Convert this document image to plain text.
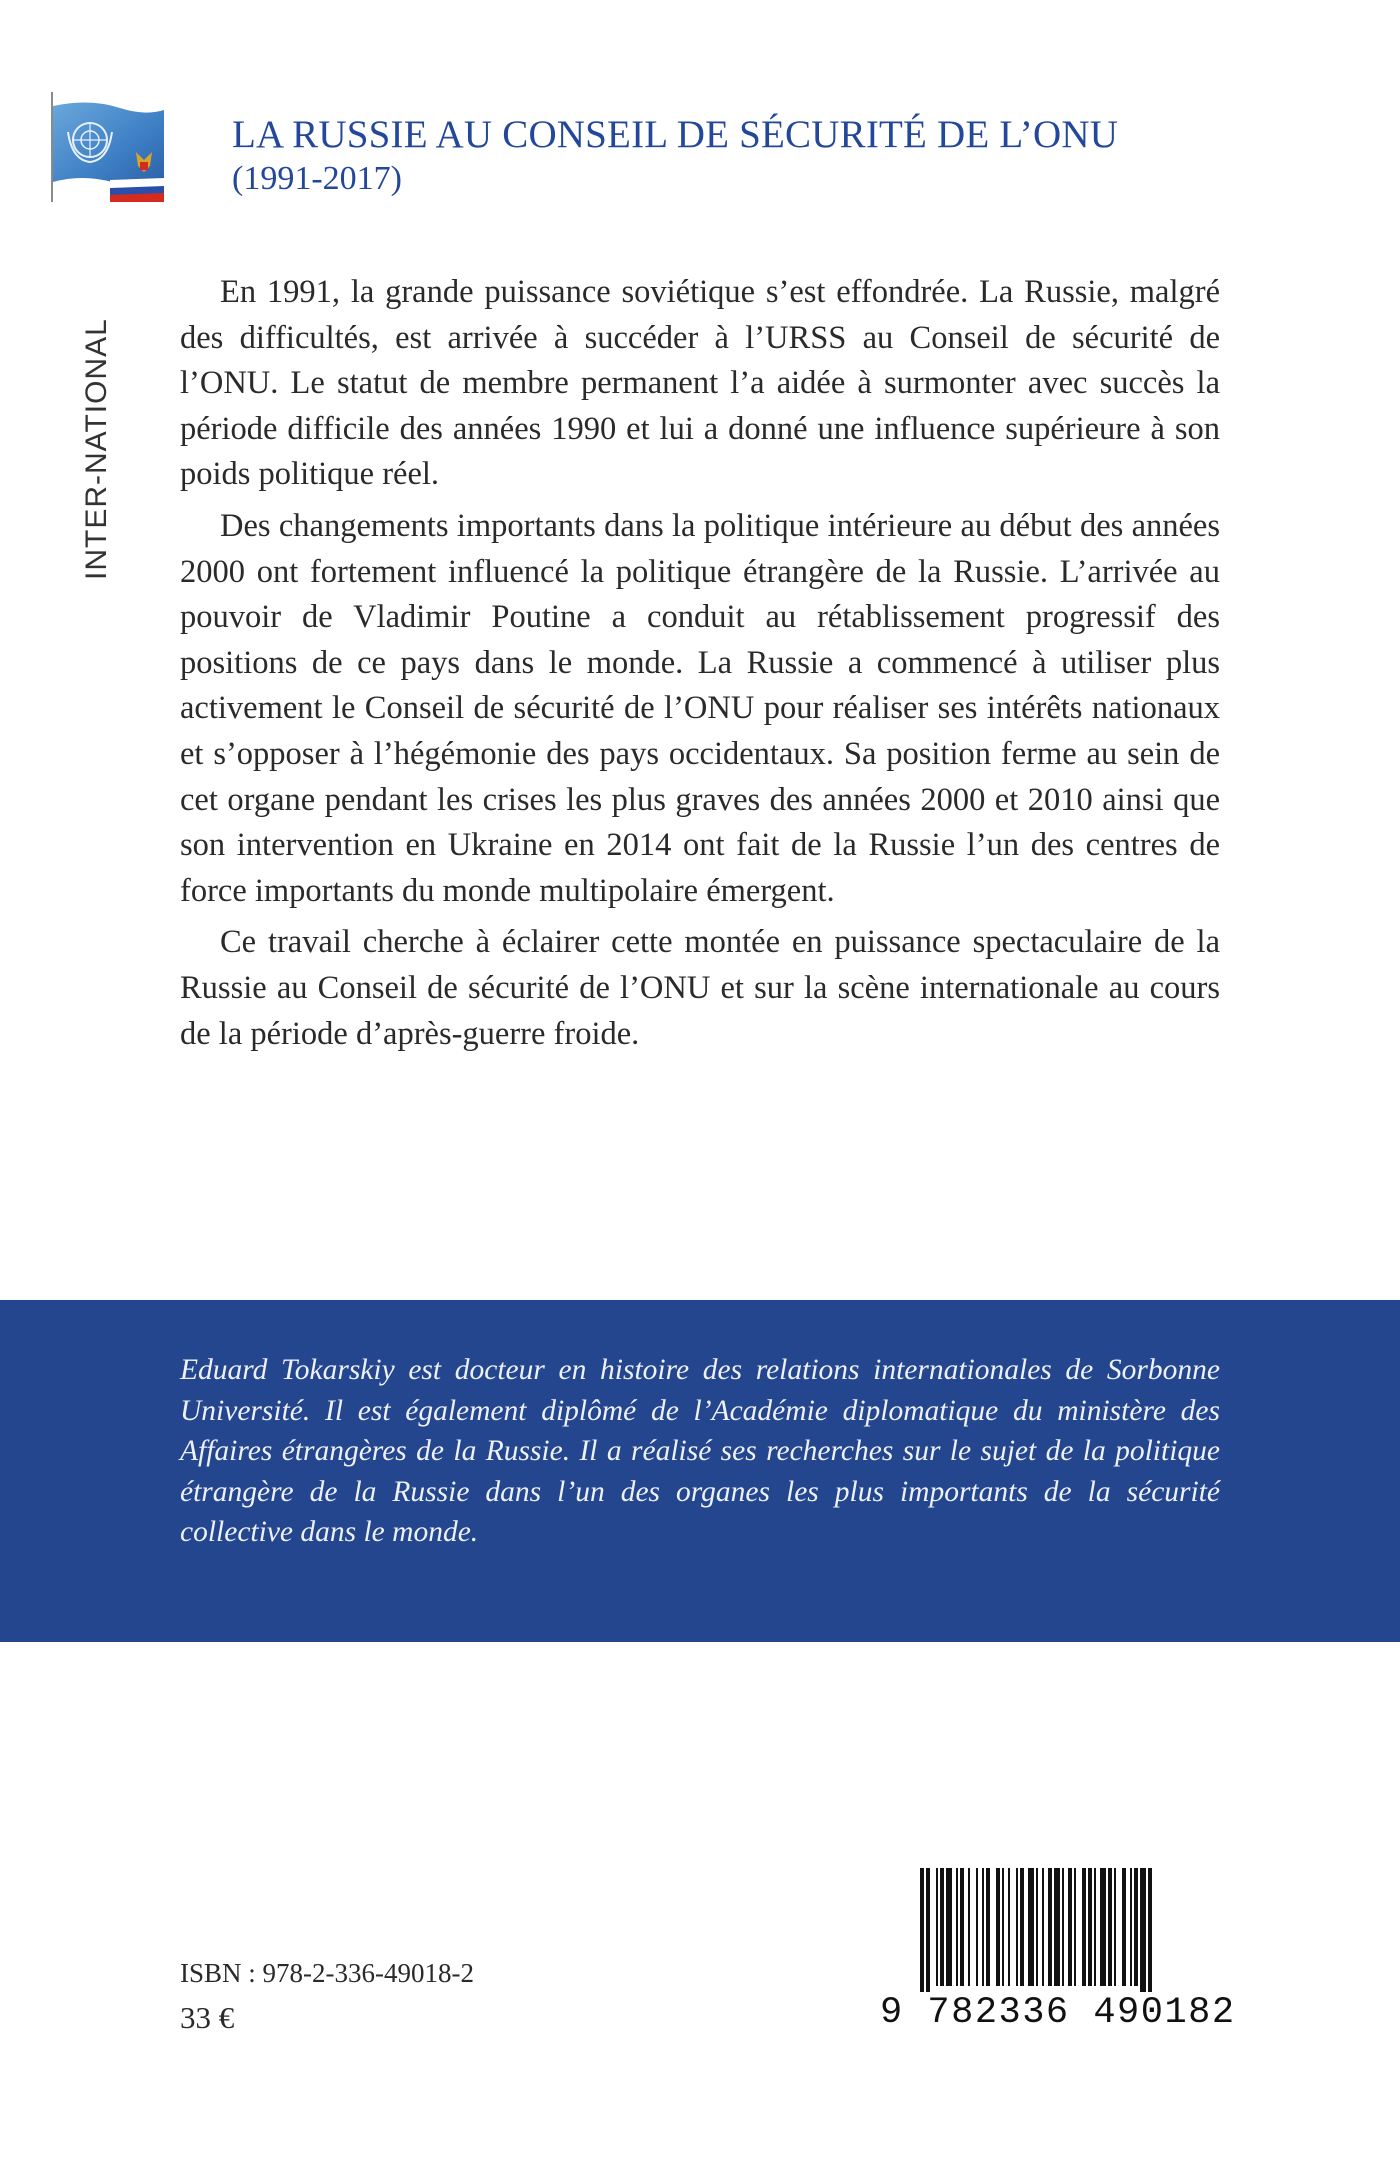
LA RUSSIE AU CONSEIL DE SÉCURITÉ DE L’ONU
(1991-2017)
INTER-NATIONAL

En 1991, la grande puissance soviétique s’est effondrée. La Russie, malgré des difficultés, est arrivée à succéder à l’URSS au Conseil de sécurité de l’ONU. Le statut de membre permanent l’a aidée à surmonter avec succès la période difficile des années 1990 et lui a donné une influence supérieure à son poids politique réel.

Des changements importants dans la politique intérieure au début des années 2000 ont fortement influencé la politique étrangère de la Russie. L’arrivée au pouvoir de Vladimir Poutine a conduit au rétablissement progressif des positions de ce pays dans le monde. La Russie a commencé à utiliser plus activement le Conseil de sécurité de l’ONU pour réaliser ses intérêts nationaux et s’opposer à l’hégémonie des pays occidentaux. Sa position ferme au sein de cet organe pendant les crises les plus graves des années 2000 et 2010 ainsi que son intervention en Ukraine en 2014 ont fait de la Russie l’un des centres de force importants du monde multipolaire émergent.

Ce travail cherche à éclairer cette montée en puissance spectaculaire de la Russie au Conseil de sécurité de l’ONU et sur la scène internationale au cours de la période d’après-guerre froide.

Eduard Tokarskiy est docteur en histoire des relations internationales de Sorbonne Université. Il est également diplômé de l’Académie diplomatique du ministère des Affaires étrangères de la Russie. Il a réalisé ses recherches sur le sujet de la politique étrangère de la Russie dans l’un des organes les plus importants de la sécurité collective dans le monde.

ISBN : 978-2-336-49018-2
33 €	9 782336 490182
